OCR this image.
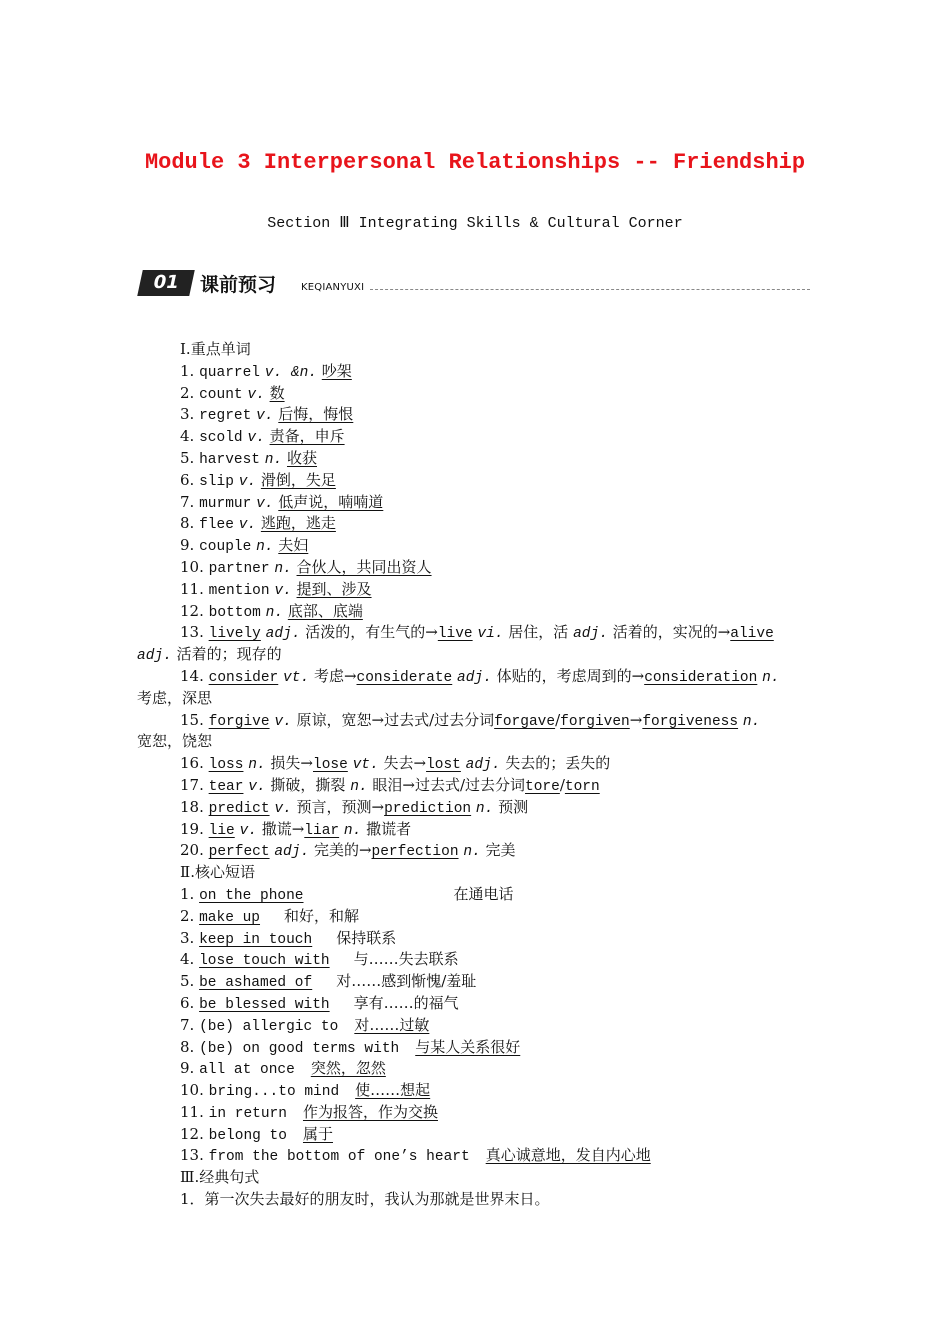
Module 3 Interpersonal Relationships -- Friendship
Section Ⅲ Integrating Skills & Cultural Corner
01	课前预习 KEQIANYUXI
Ⅰ.重点单词
1. quarrel v. &n. 吵架
2. count v. 数
3. regret v. 后悔，悔恨
4. scold v. 责备，申斥
5. harvest n. 收获
6. slip v. 滑倒，失足
7. murmur v. 低声说，喃喃道
8. flee v. 逃跑，逃走
9. couple n. 夫妇
10. partner n. 合伙人，共同出资人
11. mention v. 提到、涉及
12. bottom n. 底部、底端
13. lively adj. 活泼的，有生气的→live vi. 居住，活 adj. 活着的，实况的→alive
adj. 活着的；现存的
14. consider vt. 考虑→considerate adj. 体贴的，考虑周到的→consideration n.
考虑，深思
15. forgive v. 原谅，宽恕→过去式/过去分词forgave/forgiven→forgiveness n.
宽恕，饶恕
16. loss n. 损失→lose vt. 失去→lost adj. 失去的；丢失的
17. tear v. 撕破，撕裂 n. 眼泪→过去式/过去分词tore/torn
18. predict v. 预言，预测→prediction n. 预测
19. lie v. 撒谎→liar n. 撒谎者
20. perfect adj. 完美的→perfection n. 完美
Ⅱ.核心短语
1. on the phone	在通电话
2. make up 和好，和解
3. keep in touch 保持联系
4. lose touch with 与……失去联系
5. be ashamed of 对……感到惭愧/羞耻
6. be blessed with 享有……的福气
7. (be) allergic to 对……过敏
8. (be) on good terms with 与某人关系很好
9. all at once 突然，忽然
10. bring...to mind 使……想起
11. in return 作为报答，作为交换
12. belong to 属于
13. from the bottom of one’s heart 真心诚意地，发自内心地
Ⅲ.经典句式
1．第一次失去最好的朋友时，我认为那就是世界末日。
